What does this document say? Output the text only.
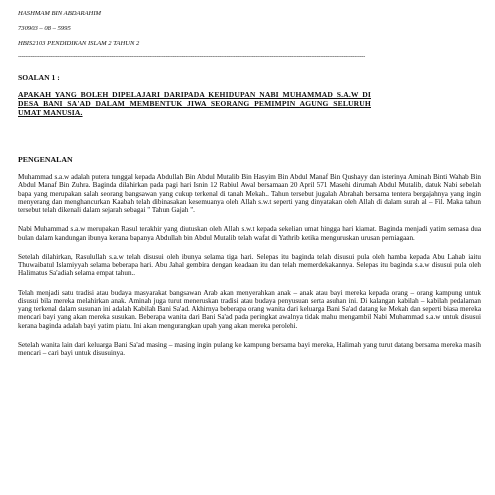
HASHMAM BIN ABDARAHIM

730903 – 08 – 5995

HBIS2103 PENDIDIKAN ISLAM 2 TAHUN 2

-------------------------------------------------------------------------------------------------------------------------------------------------------------------------------------------------

SOALAN 1 :

APAKAH YANG BOLEH DIPELAJARI DARIPADA KEHIDUPAN NABI MUHAMMAD S.A.W DI DESA BANI SA'AD DALAM MEMBENTUK JIWA SEORANG PEMIMPIN AGUNG SELURUH UMAT MANUSIA.

PENGENALAN

Muhammad s.a.w adalah putera tunggal kepada Abdullah Bin Abdul Mutalib Bin Hasyim Bin Abdul Manaf Bin Qushayy dan isterinya Aminah Binti Wahab Bin Abdul Manaf Bin Zuhra. Baginda dilahirkan pada pagi hari Isnin 12 Rabiul Awal bersamaan 20 April 571 Masehi dirumah Abdul Mutalib, datuk Nabi sebelah bapa yang merupakan salah seorang bangsawan yang cukup terkenal di tanah Mekah.. Tahun tersebut jugalah Abrahah bersama tentera bergajahnya yang ingin menyerang dan menghancurkan Kaabah telah dibinasakan kesemuanya oleh Allah s.w.t seperti yang dinyatakan oleh Allah di dalam surah al – Fil. Maka tahun tersebut telah dikenali dalam sejarah sebagai " Tahun Gajah ".

Nabi Muhammad s.a.w merupakan Rasul terakhir yang diutuskan oleh Allah s.w.t kepada sekelian umat hingga hari kiamat. Baginda menjadi yatim semasa dua bulan dalam kandungan ibunya kerana bapanya Abdullah bin Abdul Mutalib telah wafat di Yathrib ketika menguruskan urusan perniagaan.

Setelah dilahirkan, Rasulullah s.a.w telah disusui oleh ibunya selama tiga hari. Selepas itu baginda telah disusui pula oleh hamba kepada Abu Lahab iaitu Thuwaibatul Islamiyyah selama beberapa hari. Abu Jahal gembira dengan keadaan itu dan telah memerdekakannya. Selepas itu baginda s.a.w disusui pula oleh Halimatus Sa'adiah selama empat tahun..

Telah menjadi satu tradisi atau budaya masyarakat bangsawan Arab akan menyerahkan anak – anak atau bayi mereka kepada orang – orang kampung untuk disusui bila mereka melahirkan anak. Aminah juga turut meneruskan tradisi atau budaya penyusuan serta asuhan ini. Di kalangan kabilah – kabilah pedalaman yang terkenal dalam susunan ini adalah Kabilah Bani Sa'ad. Akhirnya beberapa orang wanita dari keluarga Bani Sa'ad datang ke Mekah dan seperti biasa mereka mencari bayi yang akan mereka susukan. Beberapa wanita dari Bani Sa'ad pada peringkat awalnya tidak mahu mengambil Nabi Muhammad s.a.w untuk disusui kerana baginda adalah bayi yatim piatu. Ini akan mengurangkan upah yang akan mereka perolehi.

Setelah wanita lain dari keluarga Bani Sa'ad masing – masing ingin pulang ke kampung bersama bayi mereka, Halimah yang turut datang bersama mereka masih mencari – cari bayi untuk disusuinya.
